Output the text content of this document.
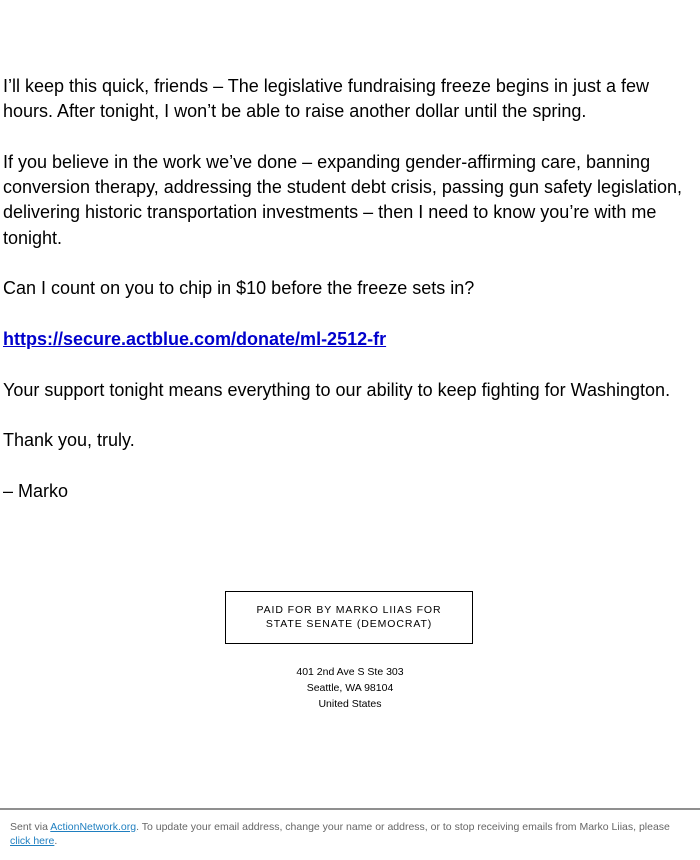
I’ll keep this quick, friends – The legislative fundraising freeze begins in just a few hours. After tonight, I won’t be able to raise another dollar until the spring.

If you believe in the work we’ve done – expanding gender-affirming care, banning conversion therapy, addressing the student debt crisis, passing gun safety legislation, delivering historic transportation investments – then I need to know you’re with me tonight.

Can I count on you to chip in $10 before the freeze sets in?

https://secure.actblue.com/donate/ml-2512-fr

Your support tonight means everything to our ability to keep fighting for Washington.

Thank you, truly.

– Marko

PAID FOR BY MARKO LIIAS FOR STATE SENATE (DEMOCRAT)
401 2nd Ave S Ste 303
Seattle, WA 98104
United States
Sent via ActionNetwork.org. To update your email address, change your name or address, or to stop receiving emails from Marko Liias, please click here.
